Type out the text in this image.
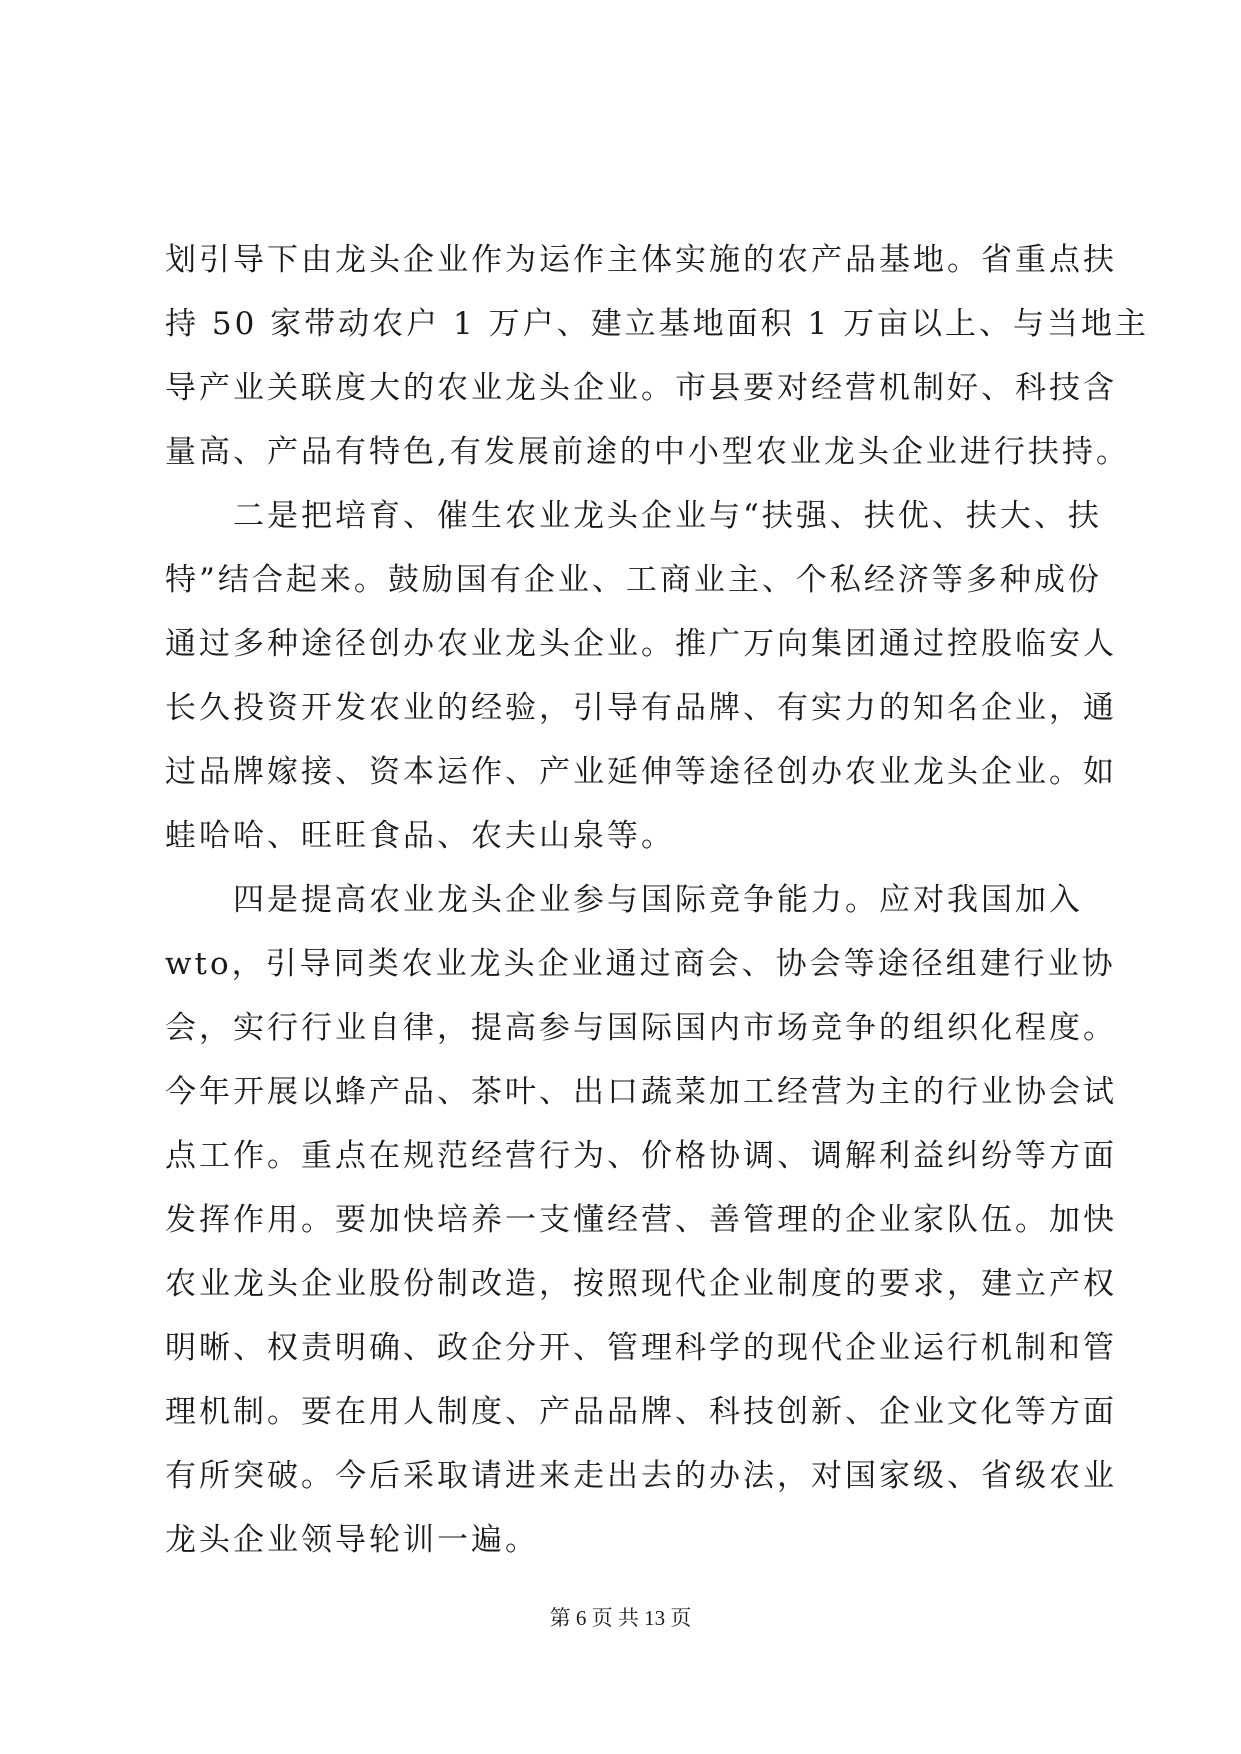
划引导下由龙头企业作为运作主体实施的农产品基地。省重点扶
持 50 家带动农户 1 万户、建立基地面积 1 万亩以上、与当地主
导产业关联度大的农业龙头企业。市县要对经营机制好、科技含
量高、产品有特色,有发展前途的中小型农业龙头企业进行扶持。
　　二是把培育、催生农业龙头企业与“扶强、扶优、扶大、扶
特”结合起来。鼓励国有企业、工商业主、个私经济等多种成份
通过多种途径创办农业龙头企业。推广万向集团通过控股临安人
长久投资开发农业的经验，引导有品牌、有实力的知名企业，通
过品牌嫁接、资本运作、产业延伸等途径创办农业龙头企业。如
蛙哈哈、旺旺食品、农夫山泉等。
　　四是提高农业龙头企业参与国际竞争能力。应对我国加入
wto，引导同类农业龙头企业通过商会、协会等途径组建行业协
会，实行行业自律，提高参与国际国内市场竞争的组织化程度。
今年开展以蜂产品、茶叶、出口蔬菜加工经营为主的行业协会试
点工作。重点在规范经营行为、价格协调、调解利益纠纷等方面
发挥作用。要加快培养一支懂经营、善管理的企业家队伍。加快
农业龙头企业股份制改造，按照现代企业制度的要求，建立产权
明晰、权责明确、政企分开、管理科学的现代企业运行机制和管
理机制。要在用人制度、产品品牌、科技创新、企业文化等方面
有所突破。今后采取请进来走出去的办法，对国家级、省级农业
龙头企业领导轮训一遍。
第 6 页 共 13 页
